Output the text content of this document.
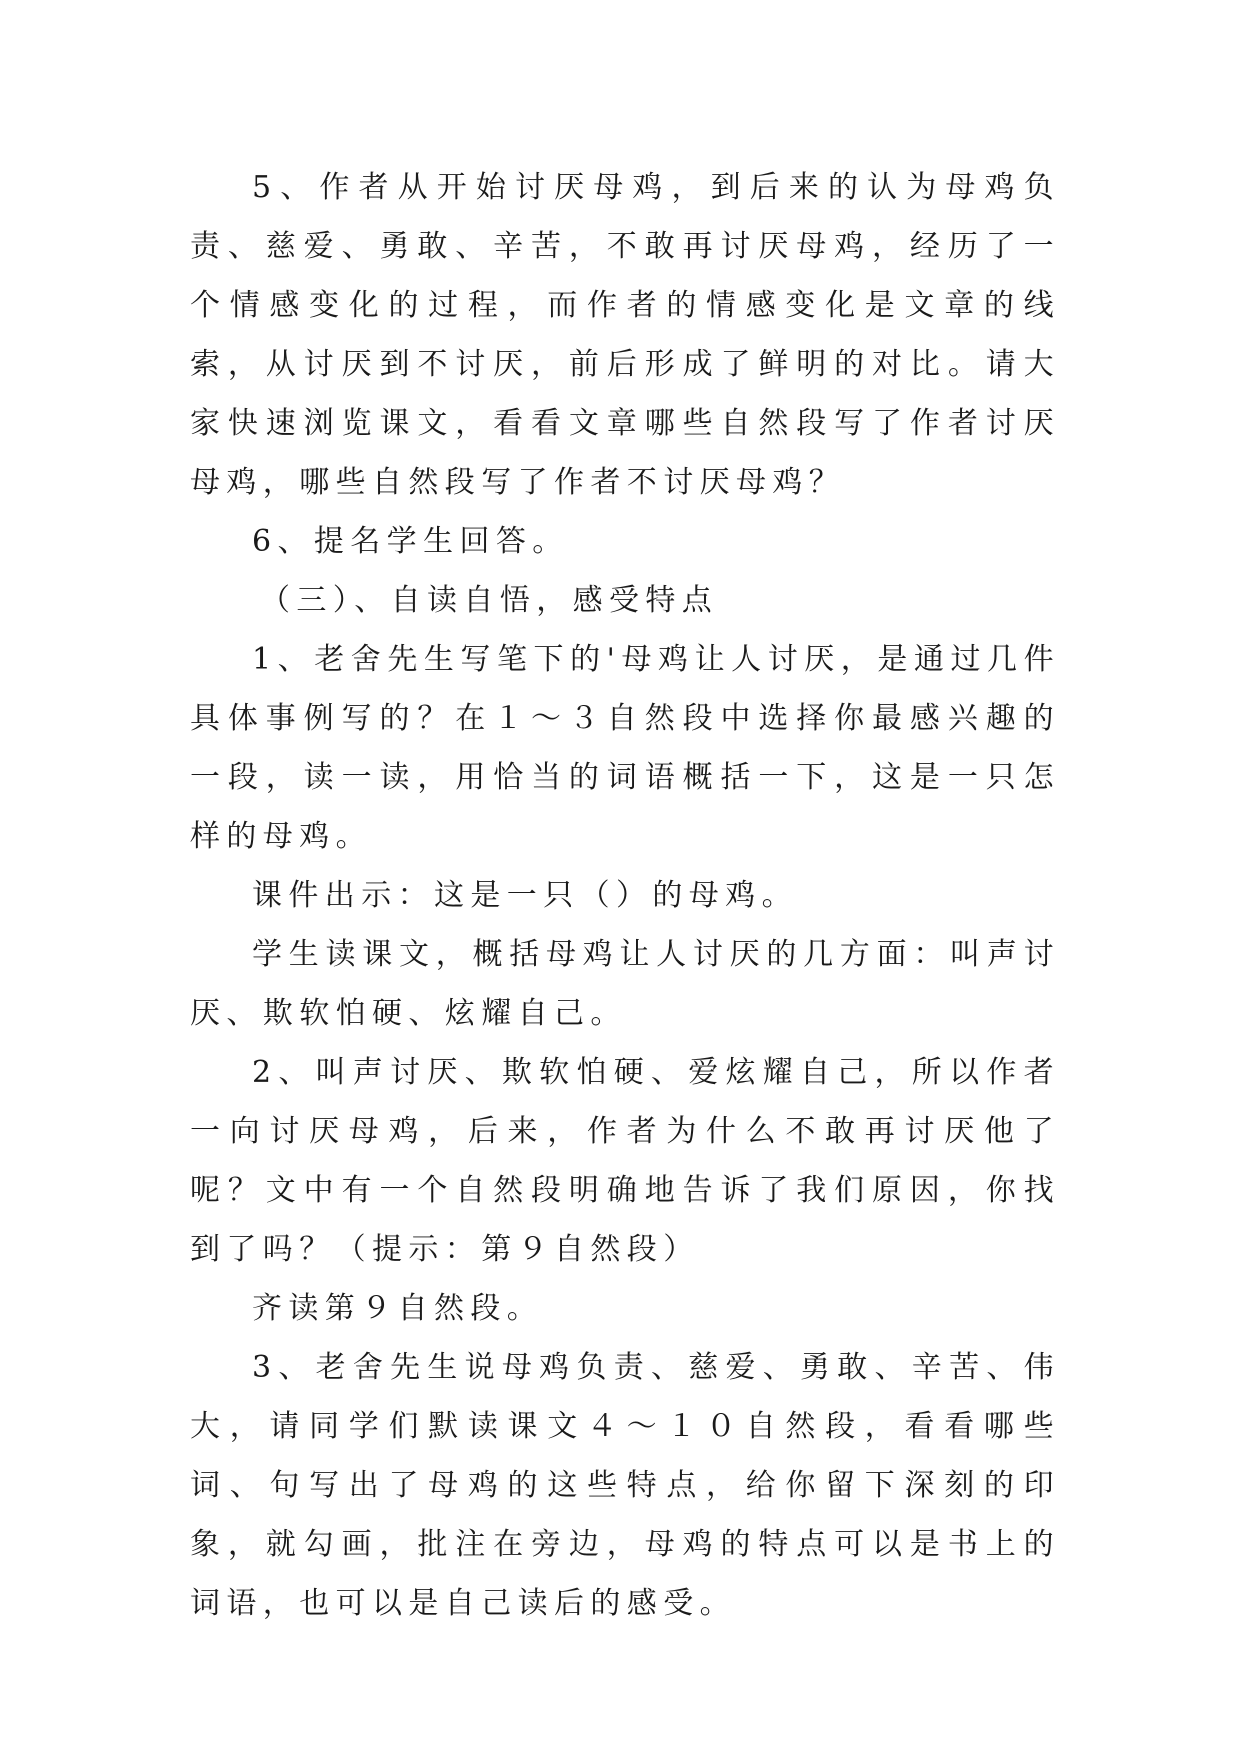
5、作者从开始讨厌母鸡，到后来的认为母鸡负责、慈爱、勇敢、辛苦，不敢再讨厌母鸡，经历了一个情感变化的过程，而作者的情感变化是文章的线索，从讨厌到不讨厌，前后形成了鲜明的对比。请大家快速浏览课文，看看文章哪些自然段写了作者讨厌母鸡，哪些自然段写了作者不讨厌母鸡？

6、提名学生回答。

（三）、自读自悟，感受特点

1、老舍先生写笔下的'母鸡让人讨厌，是通过几件具体事例写的？在１～３自然段中选择你最感兴趣的一段，读一读，用恰当的词语概括一下，这是一只怎样的母鸡。

课件出示：这是一只（）的母鸡。

学生读课文，概括母鸡让人讨厌的几方面：叫声讨厌、欺软怕硬、炫耀自己。

2、叫声讨厌、欺软怕硬、爱炫耀自己，所以作者一向讨厌母鸡，后来，作者为什么不敢再讨厌他了呢？文中有一个自然段明确地告诉了我们原因，你找到了吗？（提示：第９自然段）

齐读第９自然段。

3、老舍先生说母鸡负责、慈爱、勇敢、辛苦、伟大，请同学们默读课文４～１０自然段，看看哪些词、句写出了母鸡的这些特点，给你留下深刻的印象，就勾画，批注在旁边，母鸡的特点可以是书上的词语，也可以是自己读后的感受。
